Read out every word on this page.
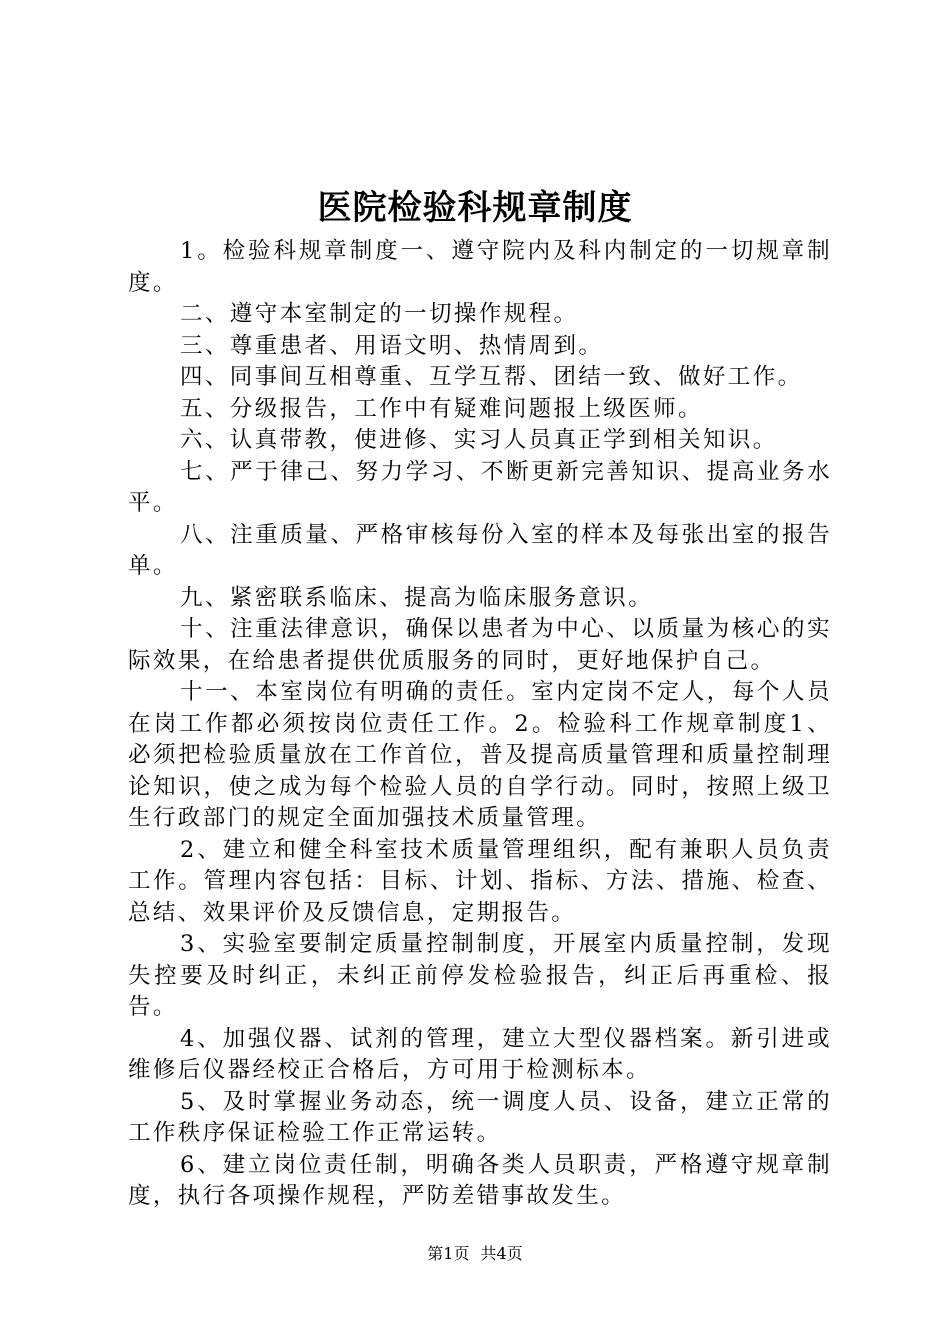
医院检验科规章制度

1。检验科规章制度一、遵守院内及科内制定的一切规章制度。

二、遵守本室制定的一切操作规程。

三、尊重患者、用语文明、热情周到。

四、同事间互相尊重、互学互帮、团结一致、做好工作。

五、分级报告，工作中有疑难问题报上级医师。

六、认真带教，使进修、实习人员真正学到相关知识。

七、严于律己、努力学习、不断更新完善知识、提高业务水平。

八、注重质量、严格审核每份入室的样本及每张出室的报告单。

九、紧密联系临床、提高为临床服务意识。

十、注重法律意识，确保以患者为中心、以质量为核心的实际效果，在给患者提供优质服务的同时，更好地保护自己。

十一、本室岗位有明确的责任。室内定岗不定人，每个人员在岗工作都必须按岗位责任工作。2。检验科工作规章制度1、必须把检验质量放在工作首位，普及提高质量管理和质量控制理论知识，使之成为每个检验人员的自学行动。同时，按照上级卫生行政部门的规定全面加强技术质量管理。

2、建立和健全科室技术质量管理组织，配有兼职人员负责工作。管理内容包括：目标、计划、指标、方法、措施、检查、总结、效果评价及反馈信息，定期报告。

3、实验室要制定质量控制制度，开展室内质量控制，发现失控要及时纠正，未纠正前停发检验报告，纠正后再重检、报告。

4、加强仪器、试剂的管理，建立大型仪器档案。新引进或维修后仪器经校正合格后，方可用于检测标本。

5、及时掌握业务动态，统一调度人员、设备，建立正常的工作秩序保证检验工作正常运转。

6、建立岗位责任制，明确各类人员职责，严格遵守规章制度，执行各项操作规程，严防差错事故发生。

第1页 共4页
